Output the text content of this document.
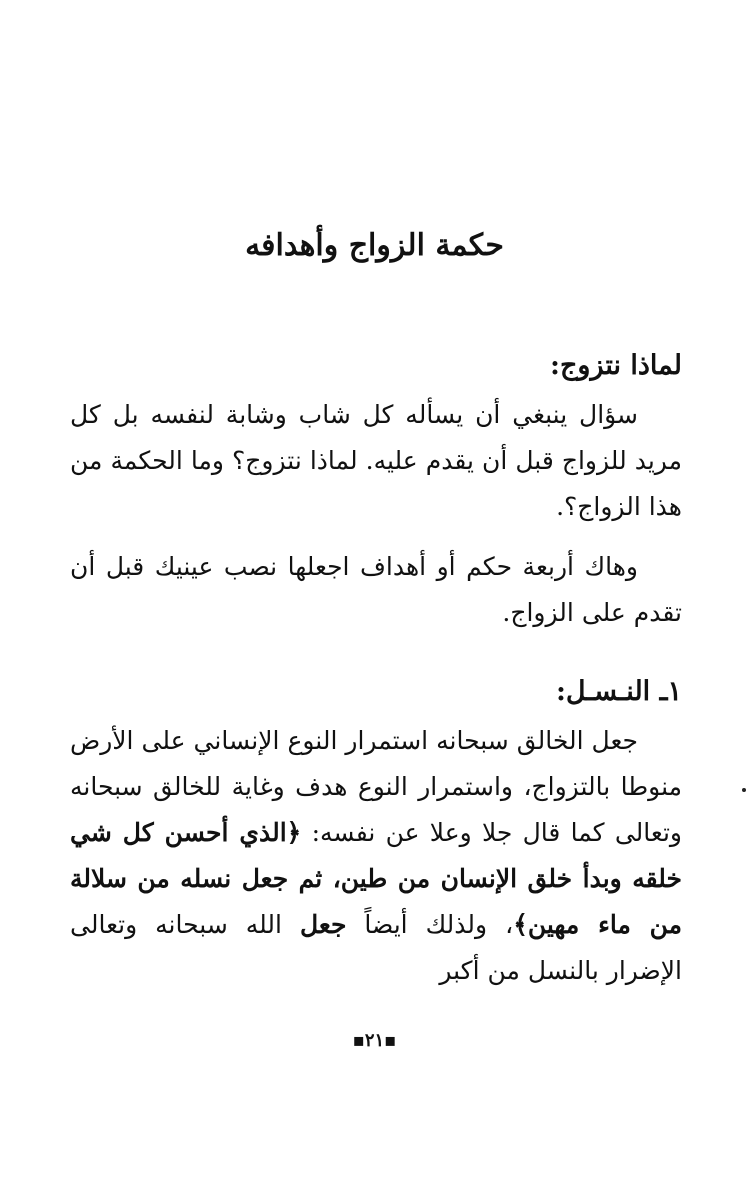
حكمة الزواج وأهدافه

لماذا نتزوج:

سؤال ينبغي أن يسأله كل شاب وشابة لنفسه بل كل مريد للزواج قبل أن يقدم عليه. لماذا نتزوج؟ وما الحكمة من هذا الزواج؟.

وهاك أربعة حكم أو أهداف اجعلها نصب عينيك قبل أن تقدم على الزواج.

١ـ النـسـل:

جعل الخالق سبحانه استمرار النوع الإنساني على الأرض منوطا بالتزواج، واستمرار النوع هدف وغاية للخالق سبحانه وتعالى كما قال جلا وعلا عن نفسه: ﴿الذي أحسن كل شي خلقه وبدأ خلق الإنسان من طين، ثم جعل نسله من سلالة من ماء مهين﴾، ولذلك أيضاً جعل الله سبحانه وتعالى الإضرار بالنسل من أكبر

▪٢١▪
